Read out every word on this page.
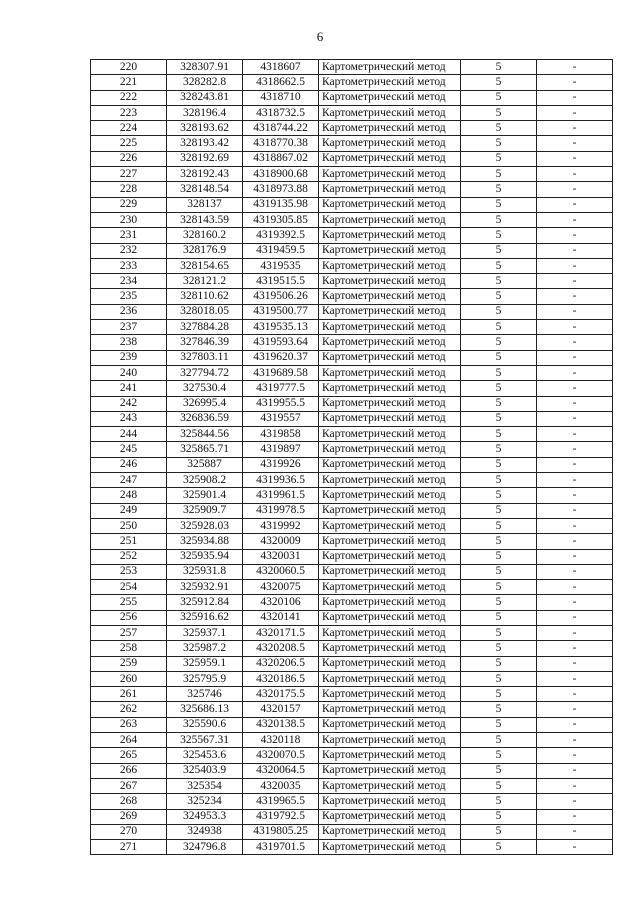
6
220	328307.91	4318607	Картометрический метод	5	-
221	328282.8	4318662.5	Картометрический метод	5	-
222	328243.81	4318710	Картометрический метод	5	-
223	328196.4	4318732.5	Картометрический метод	5	-
224	328193.62	4318744.22	Картометрический метод	5	-
225	328193.42	4318770.38	Картометрический метод	5	-
226	328192.69	4318867.02	Картометрический метод	5	-
227	328192.43	4318900.68	Картометрический метод	5	-
228	328148.54	4318973.88	Картометрический метод	5	-
229	328137	4319135.98	Картометрический метод	5	-
230	328143.59	4319305.85	Картометрический метод	5	-
231	328160.2	4319392.5	Картометрический метод	5	-
232	328176.9	4319459.5	Картометрический метод	5	-
233	328154.65	4319535	Картометрический метод	5	-
234	328121.2	4319515.5	Картометрический метод	5	-
235	328110.62	4319506.26	Картометрический метод	5	-
236	328018.05	4319500.77	Картометрический метод	5	-
237	327884.28	4319535.13	Картометрический метод	5	-
238	327846.39	4319593.64	Картометрический метод	5	-
239	327803.11	4319620.37	Картометрический метод	5	-
240	327794.72	4319689.58	Картометрический метод	5	-
241	327530.4	4319777.5	Картометрический метод	5	-
242	326995.4	4319955.5	Картометрический метод	5	-
243	326836.59	4319557	Картометрический метод	5	-
244	325844.56	4319858	Картометрический метод	5	-
245	325865.71	4319897	Картометрический метод	5	-
246	325887	4319926	Картометрический метод	5	-
247	325908.2	4319936.5	Картометрический метод	5	-
248	325901.4	4319961.5	Картометрический метод	5	-
249	325909.7	4319978.5	Картометрический метод	5	-
250	325928.03	4319992	Картометрический метод	5	-
251	325934.88	4320009	Картометрический метод	5	-
252	325935.94	4320031	Картометрический метод	5	-
253	325931.8	4320060.5	Картометрический метод	5	-
254	325932.91	4320075	Картометрический метод	5	-
255	325912.84	4320106	Картометрический метод	5	-
256	325916.62	4320141	Картометрический метод	5	-
257	325937.1	4320171.5	Картометрический метод	5	-
258	325987.2	4320208.5	Картометрический метод	5	-
259	325959.1	4320206.5	Картометрический метод	5	-
260	325795.9	4320186.5	Картометрический метод	5	-
261	325746	4320175.5	Картометрический метод	5	-
262	325686.13	4320157	Картометрический метод	5	-
263	325590.6	4320138.5	Картометрический метод	5	-
264	325567.31	4320118	Картометрический метод	5	-
265	325453.6	4320070.5	Картометрический метод	5	-
266	325403.9	4320064.5	Картометрический метод	5	-
267	325354	4320035	Картометрический метод	5	-
268	325234	4319965.5	Картометрический метод	5	-
269	324953.3	4319792.5	Картометрический метод	5	-
270	324938	4319805.25	Картометрический метод	5	-
271	324796.8	4319701.5	Картометрический метод	5	-
